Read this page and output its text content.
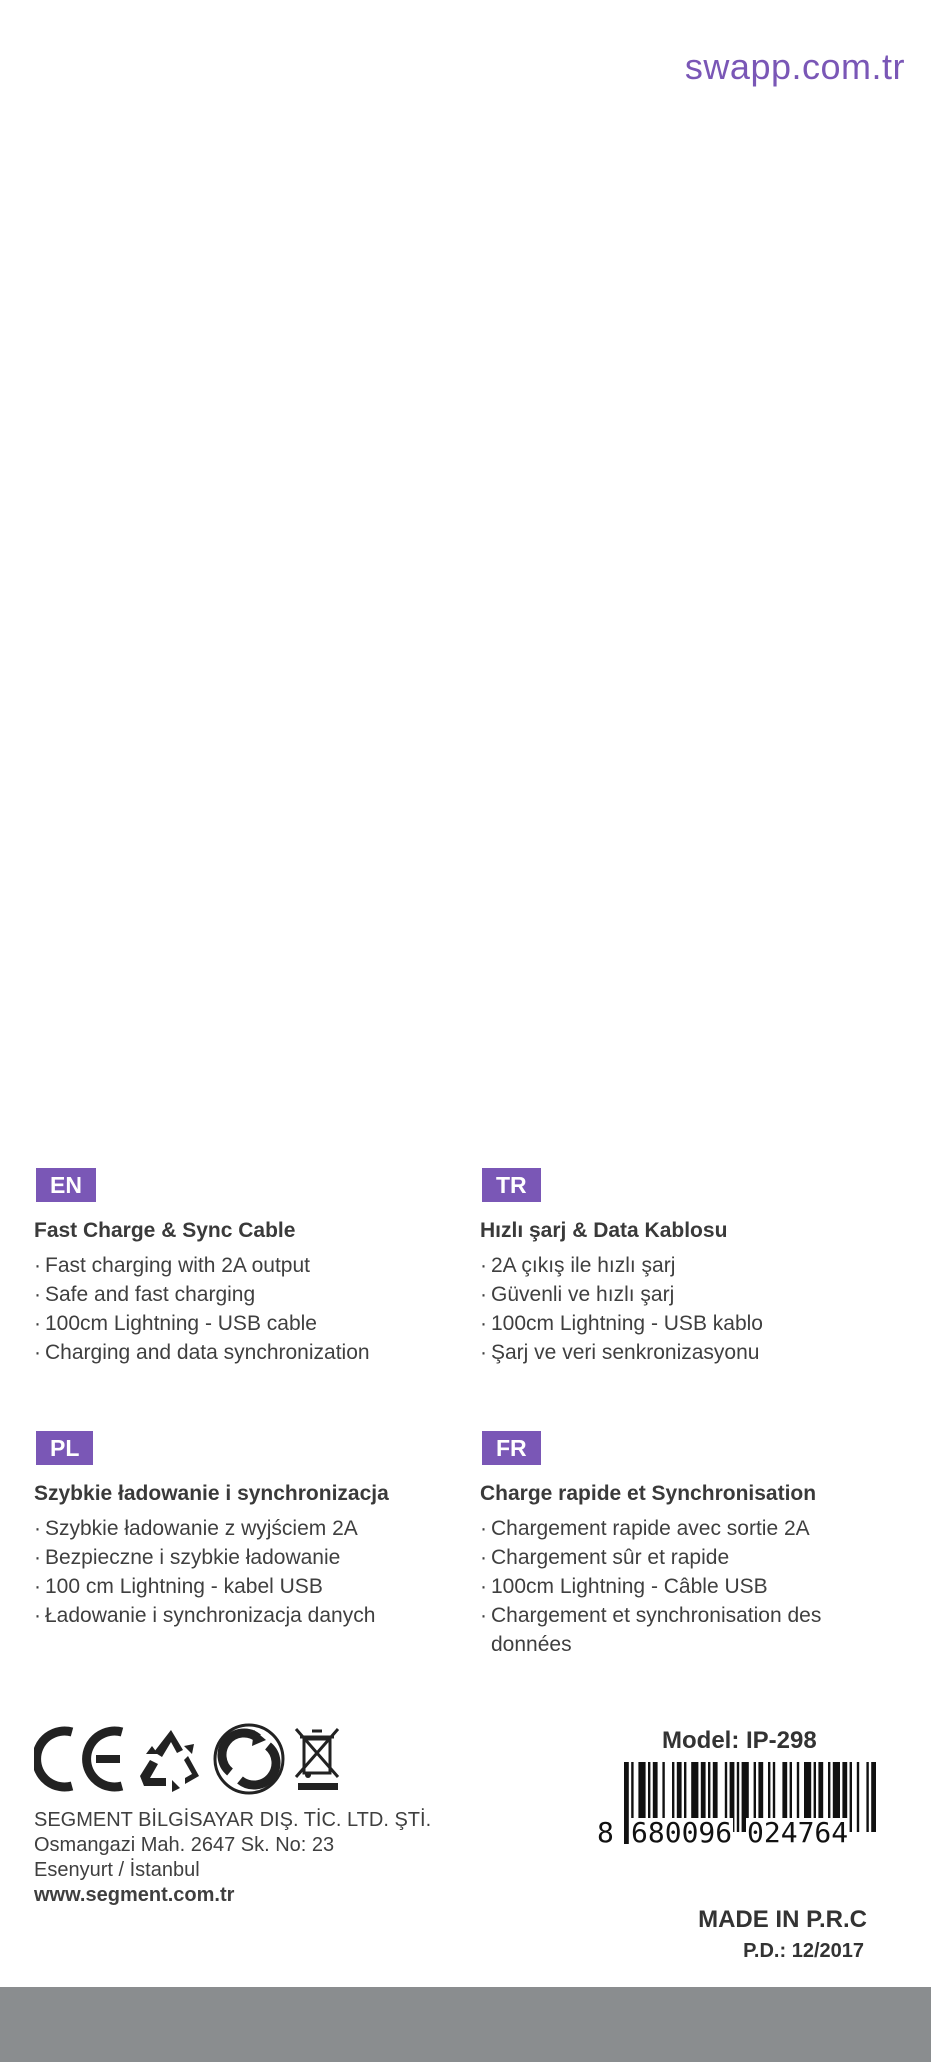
swapp.com.tr
EN
Fast Charge & Sync Cable
· Fast charging with 2A output
· Safe and fast charging
· 100cm Lightning - USB cable
· Charging and data synchronization
TR
Hızlı şarj & Data Kablosu
· 2A çıkış ile hızlı şarj
· Güvenli ve hızlı şarj
· 100cm Lightning - USB kablo
· Şarj ve veri senkronizasyonu
PL
Szybkie ładowanie i synchronizacja
· Szybkie ładowanie z wyjściem 2A
· Bezpieczne i szybkie ładowanie
· 100 cm Lightning - kabel USB
· Ładowanie i synchronizacja danych
FR
Charge rapide et Synchronisation
· Chargement rapide avec sortie 2A
· Chargement sûr et rapide
· 100cm Lightning - Câble USB
· Chargement et synchronisation des données
SEGMENT BİLGİSAYAR DIŞ. TİC. LTD. ŞTİ.
Osmangazi Mah. 2647 Sk. No: 23
Esenyurt / İstanbul
www.segment.com.tr
Model: IP-298
8 680096 024764
MADE IN P.R.C
P.D.: 12/2017
